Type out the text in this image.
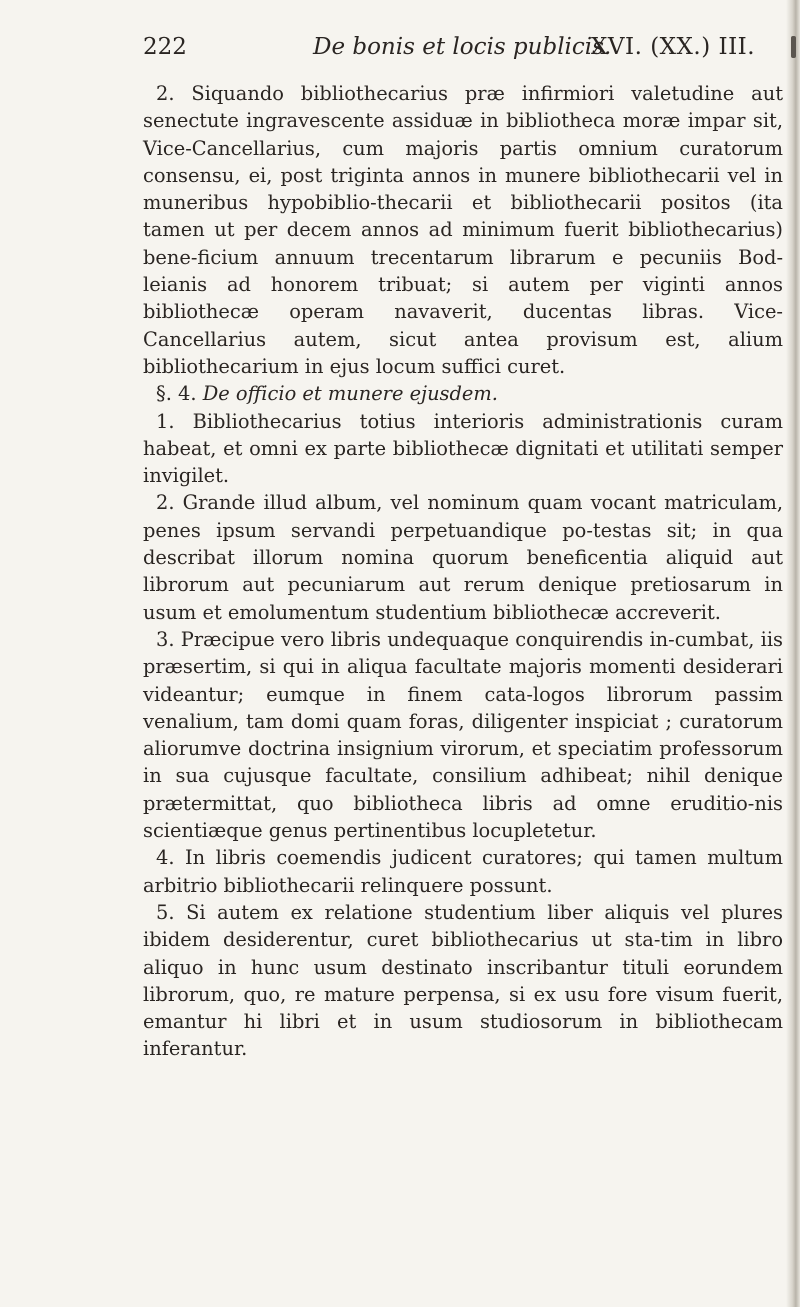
222	De bonis et locis publicis.
XVI. (XX.) III.

2. Siquando bibliothecarius præ infirmiori valetudine aut senectute ingravescente assiduæ in bibliotheca moræ impar sit, Vice-Cancellarius, cum majoris partis omnium curatorum consensu, ei, post triginta annos in munere bibliothecarii vel in muneribus hypobiblio-thecarii et bibliothecarii positos (ita tamen ut per decem annos ad minimum fuerit bibliothecarius) bene-ficium annuum trecentarum librarum e pecuniis Bod-leianis ad honorem tribuat; si autem per viginti annos bibliothecæ operam navaverit, ducentas libras. Vice-Cancellarius autem, sicut antea provisum est, alium bibliothecarium in ejus locum suffici curet.

§. 4. De officio et munere ejusdem.

1. Bibliothecarius totius interioris administrationis curam habeat, et omni ex parte bibliothecæ dignitati et utilitati semper invigilet.

2. Grande illud album, vel nominum quam vocant matriculam, penes ipsum servandi perpetuandique po-testas sit; in qua describat illorum nomina quorum beneficentia aliquid aut librorum aut pecuniarum aut rerum denique pretiosarum in usum et emolumentum studentium bibliothecæ accreverit.

3. Præcipue vero libris undequaque conquirendis in-cumbat, iis præsertim, si qui in aliqua facultate majoris momenti desiderari videantur; eumque in finem cata-logos librorum passim venalium, tam domi quam foras, diligenter inspiciat ; curatorum aliorumve doctrina insignium virorum, et speciatim professorum in sua cujusque facultate, consilium adhibeat; nihil denique prætermittat, quo bibliotheca libris ad omne eruditio-nis scientiæque genus pertinentibus locupletetur.

4. In libris coemendis judicent curatores; qui tamen multum arbitrio bibliothecarii relinquere possunt.

5. Si autem ex relatione studentium liber aliquis vel plures ibidem desiderentur, curet bibliothecarius ut sta-tim in libro aliquo in hunc usum destinato inscribantur tituli eorundem librorum, quo, re mature perpensa, si ex usu fore visum fuerit, emantur hi libri et in usum studiosorum in bibliothecam inferantur.
